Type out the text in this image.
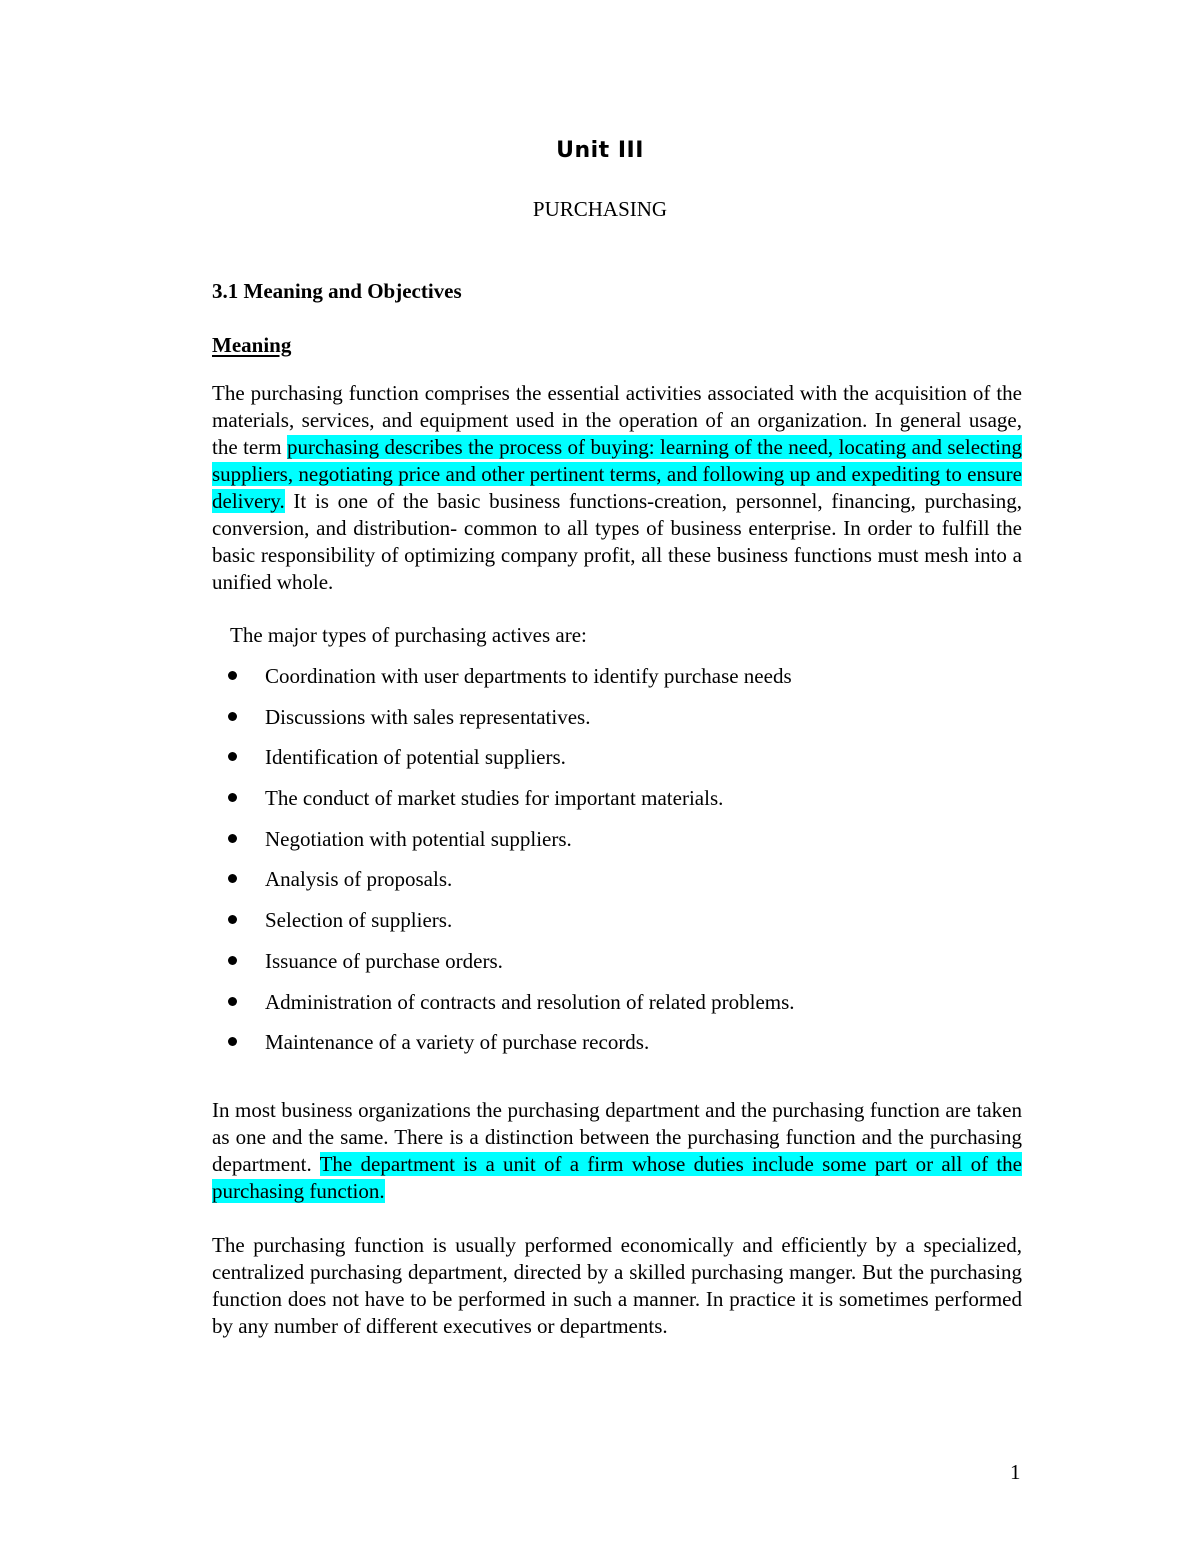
Unit III
PURCHASING
3.1 Meaning and Objectives
Meaning

The purchasing function comprises the essential activities associated with the acquisition of the materials, services, and equipment used in the operation of an organization. In general usage, the term purchasing describes the process of buying: learning of the need, locating and selecting suppliers, negotiating price and other pertinent terms, and following up and expediting to ensure delivery. It is one of the basic business functions-creation, personnel, financing, purchasing, conversion, and distribution- common to all types of business enterprise. In order to fulfill the basic responsibility of optimizing company profit, all these business functions must mesh into a unified whole.

The major types of purchasing actives are:
Coordination with user departments to identify purchase needs
Discussions with sales representatives.
Identification of potential suppliers.
The conduct of market studies for important materials.
Negotiation with potential suppliers.
Analysis of proposals.
Selection of suppliers.
Issuance of purchase orders.
Administration of contracts and resolution of related problems.
Maintenance of a variety of purchase records.

In most business organizations the purchasing department and the purchasing function are taken as one and the same. There is a distinction between the purchasing function and the purchasing department. The department is a unit of a firm whose duties include some part or all of the purchasing function.

The purchasing function is usually performed economically and efficiently by a specialized, centralized purchasing department, directed by a skilled purchasing manger. But the purchasing function does not have to be performed in such a manner. In practice it is sometimes performed by any number of different executives or departments.

1
